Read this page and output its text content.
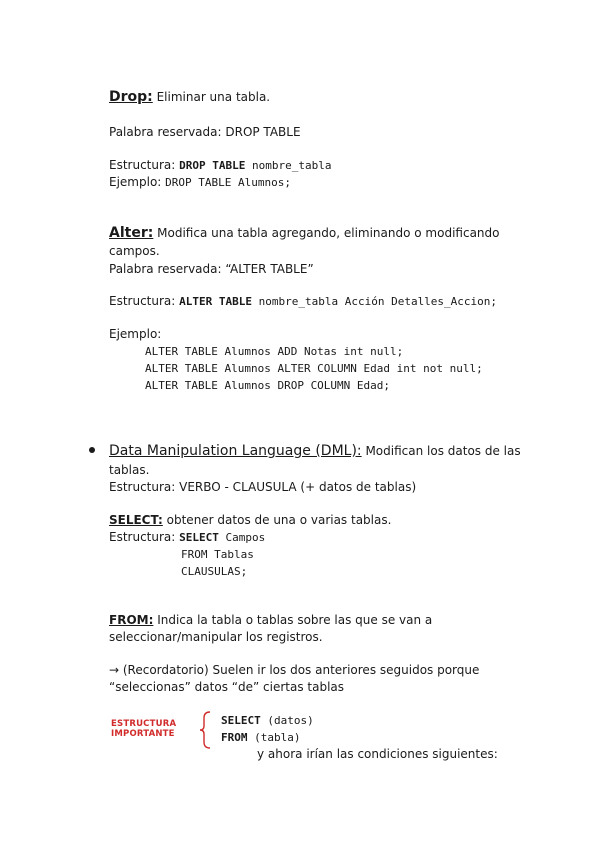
Drop: Eliminar una tabla.
Palabra reservada: DROP TABLE
Estructura: DROP TABLE nombre_tabla
Ejemplo: DROP TABLE Alumnos;
Alter: Modifica una tabla agregando, eliminando o modificando
campos.
Palabra reservada: “ALTER TABLE”
Estructura: ALTER TABLE nombre_tabla Acción Detalles_Accion;
Ejemplo:
ALTER TABLE Alumnos ADD Notas int null;
ALTER TABLE Alumnos ALTER COLUMN Edad int not null;
ALTER TABLE Alumnos DROP COLUMN Edad;
Data Manipulation Language (DML): Modifican los datos de las
tablas.
Estructura: VERBO - CLAUSULA (+ datos de tablas)
SELECT: obtener datos de una o varias tablas.
Estructura: SELECT Campos
FROM Tablas
CLAUSULAS;
FROM: Indica la tabla o tablas sobre las que se van a
seleccionar/manipular los registros.
→ (Recordatorio) Suelen ir los dos anteriores seguidos porque
“seleccionas” datos “de” ciertas tablas
ESTRUCTURA
IMPORTANTE
SELECT (datos)
FROM (tabla)
y ahora irían las condiciones siguientes:
